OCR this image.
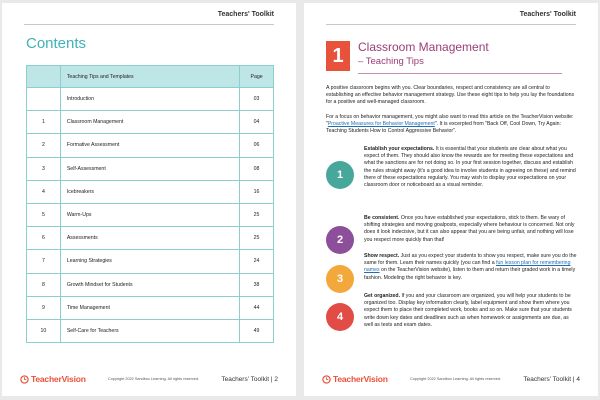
Teachers' Toolkit
Contents
	Teaching Tips and Templates	Page
	Introduction	03
1	Classroom Management	04
2	Formative Assessment	06
3	Self-Assessment	08
4	Icebreakers	16
5	Warm-Ups	25
6	Assessments	25
7	Learning Strategies	24
8	Growth Mindset for Students	38
9	Time Management	44
10	Self-Care for Teachers	49
TeacherVision	Copyright 2022 Sandbox Learning. All rights reserved.	Teachers' Toolkit | 2
Teachers' Toolkit
1	Classroom Management
– Teaching Tips

A positive classroom begins with you. Clear boundaries, respect and consistency are all central to establishing an effective behavior management strategy. Use these eight tips to help you lay the foundations for a positive and well-managed classroom.

For a focus on behavior management, you might also want to read this article on the TeacherVision website: "Proactive Measures for Behavior Management". It is excerpted from "Back Off, Cool Down, Try Again: Teaching Students How to Control Aggressive Behavior".

1

Establish your expectations. It is essential that your students are clear about what you expect of them. They should also know the rewards are for meeting these expectations and what the sanctions are for not doing so. In your first session together, discuss and establish the rules straight away (it's a good idea to involve students in agreeing on these) and remind there of these expectations regularly. You may wish to display your expectations on your classroom door or noticeboard as a visual reminder.

2

Be consistent. Once you have established your expectations, stick to them. Be wary of shifting strategies and moving goalposts, especially where behaviour is concerned. Not only does it look indecisive, but it can also appear that you are being unfair, and nothing will lose you respect more quickly than that!

3

Show respect. Just as you expect your students to show you respect, make sure you do the same for them. Learn their names quickly (you can find a fun lesson plan for remembering names on the TeacherVision website), listen to them and return their graded work in a timely fashion. Modeling the right behavior is key.

4

Get organized. If you and your classroom are organized, you will help your students to be organized too. Display key information clearly, label equipment and show them where you expect them to place their completed work, books and so on. Make sure that your students write down key dates and deadlines such as when homework or assignments are due, as well as tests and exam dates.

TeacherVision	Copyright 2022 Sandbox Learning. All rights reserved.	Teachers' Toolkit | 4
